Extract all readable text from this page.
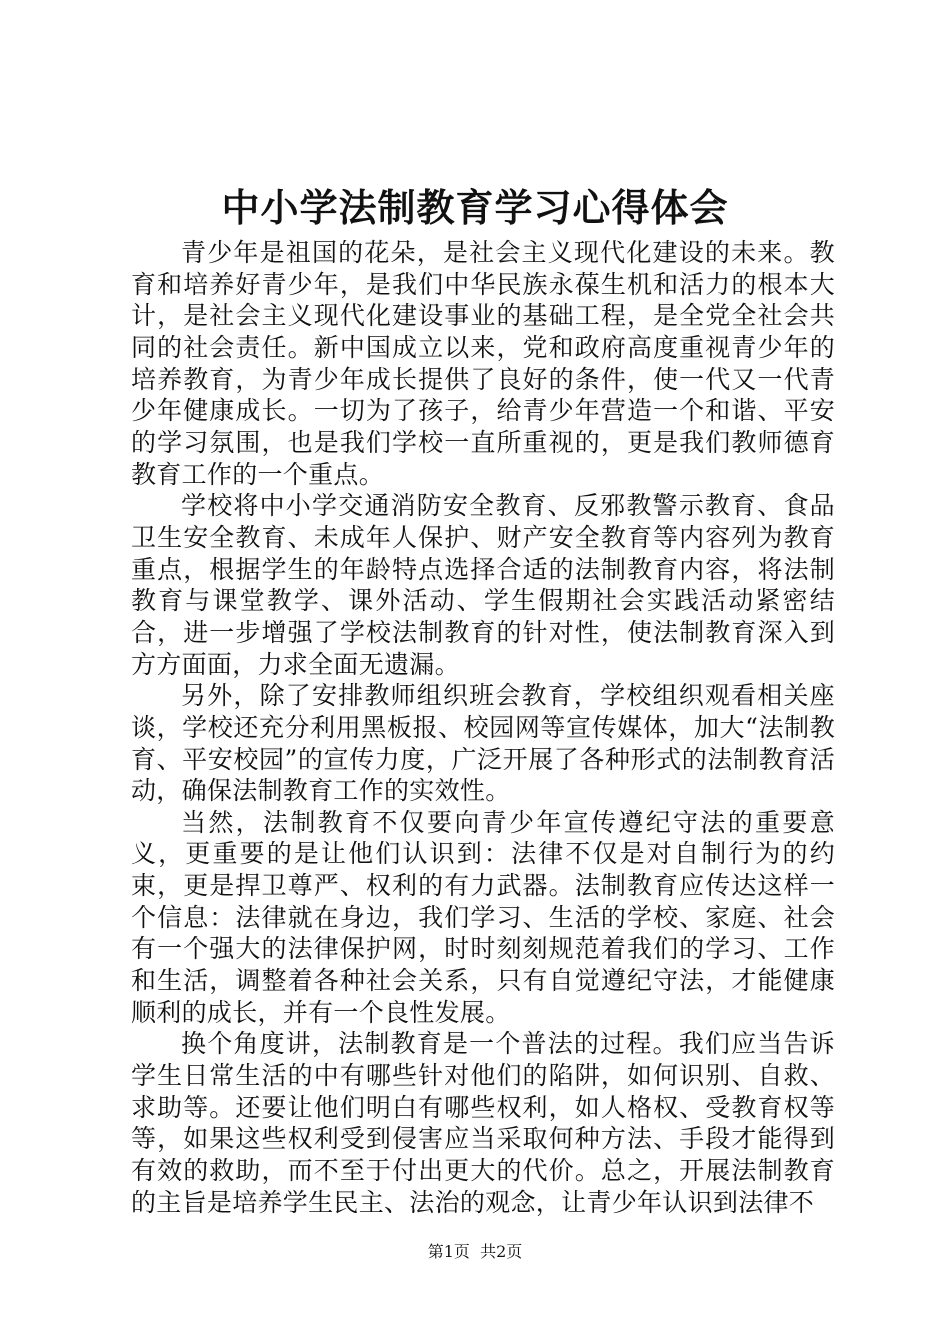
中小学法制教育学习心得体会

青少年是祖国的花朵，是社会主义现代化建设的未来。教育和培养好青少年，是我们中华民族永葆生机和活力的根本大计，是社会主义现代化建设事业的基础工程，是全党全社会共同的社会责任。新中国成立以来，党和政府高度重视青少年的培养教育，为青少年成长提供了良好的条件，使一代又一代青少年健康成长。一切为了孩子，给青少年营造一个和谐、平安的学习氛围，也是我们学校一直所重视的，更是我们教师德育教育工作的一个重点。

学校将中小学交通消防安全教育、反邪教警示教育、食品卫生安全教育、未成年人保护、财产安全教育等内容列为教育重点，根据学生的年龄特点选择合适的法制教育内容，将法制教育与课堂教学、课外活动、学生假期社会实践活动紧密结合，进一步增强了学校法制教育的针对性，使法制教育深入到方方面面，力求全面无遗漏。

另外，除了安排教师组织班会教育，学校组织观看相关座谈，学校还充分利用黑板报、校园网等宣传媒体，加大“法制教育、平安校园”的宣传力度，广泛开展了各种形式的法制教育活动，确保法制教育工作的实效性。

当然，法制教育不仅要向青少年宣传遵纪守法的重要意义，更重要的是让他们认识到：法律不仅是对自制行为的约束，更是捍卫尊严、权利的有力武器。法制教育应传达这样一个信息：法律就在身边，我们学习、生活的学校、家庭、社会有一个强大的法律保护网，时时刻刻规范着我们的学习、工作和生活，调整着各种社会关系，只有自觉遵纪守法，才能健康顺利的成长，并有一个良性发展。

换个角度讲，法制教育是一个普法的过程。我们应当告诉学生日常生活的中有哪些针对他们的陷阱，如何识别、自救、求助等。还要让他们明白有哪些权利，如人格权、受教育权等等，如果这些权利受到侵害应当采取何种方法、手段才能得到有效的救助，而不至于付出更大的代价。总之，开展法制教育的主旨是培养学生民主、法治的观念，让青少年认识到法律不

第1页 共2页
